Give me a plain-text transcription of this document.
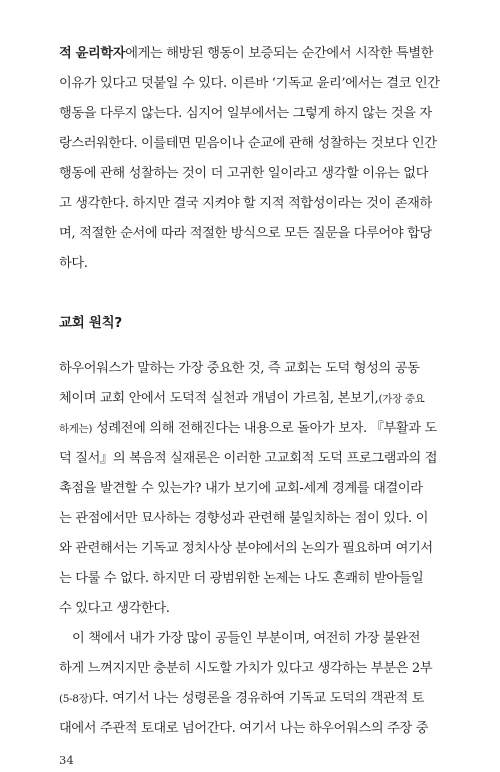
적 윤리학자에게는 해방된 행동이 보증되는 순간에서 시작한 특별한
이유가 있다고 덧붙일 수 있다. 이른바 ‘기독교 윤리’에서는 결코 인간
행동을 다루지 않는다. 심지어 일부에서는 그렇게 하지 않는 것을 자
랑스러워한다. 이를테면 믿음이나 순교에 관해 성찰하는 것보다 인간
행동에 관해 성찰하는 것이 더 고귀한 일이라고 생각할 이유는 없다
고 생각한다. 하지만 결국 지켜야 할 지적 적합성이라는 것이 존재하
며, 적절한 순서에 따라 적절한 방식으로 모든 질문을 다루어야 합당
하다.
교회 원칙?
하우어워스가 말하는 가장 중요한 것, 즉 교회는 도덕 형성의 공동
체이며 교회 안에서 도덕적 실천과 개념이 가르침, 본보기,(가장 중요
하게는) 성례전에 의해 전해진다는 내용으로 돌아가 보자. 『부활과 도
덕 질서』의 복음적 실재론은 이러한 고교회적 도덕 프로그램과의 접
촉점을 발견할 수 있는가? 내가 보기에 교회-세계 경계를 대결이라
는 관점에서만 묘사하는 경향성과 관련해 불일치하는 점이 있다. 이
와 관련해서는 기독교 정치사상 분야에서의 논의가 필요하며 여기서
는 다룰 수 없다. 하지만 더 광범위한 논제는 나도 흔쾌히 받아들일
수 있다고 생각한다.
이 책에서 내가 가장 많이 공들인 부분이며, 여전히 가장 불완전
하게 느껴지지만 충분히 시도할 가치가 있다고 생각하는 부분은 2부
(5-8장)다. 여기서 나는 성령론을 경유하여 기독교 도덕의 객관적 토
대에서 주관적 토대로 넘어간다. 여기서 나는 하우어워스의 주장 중
34
